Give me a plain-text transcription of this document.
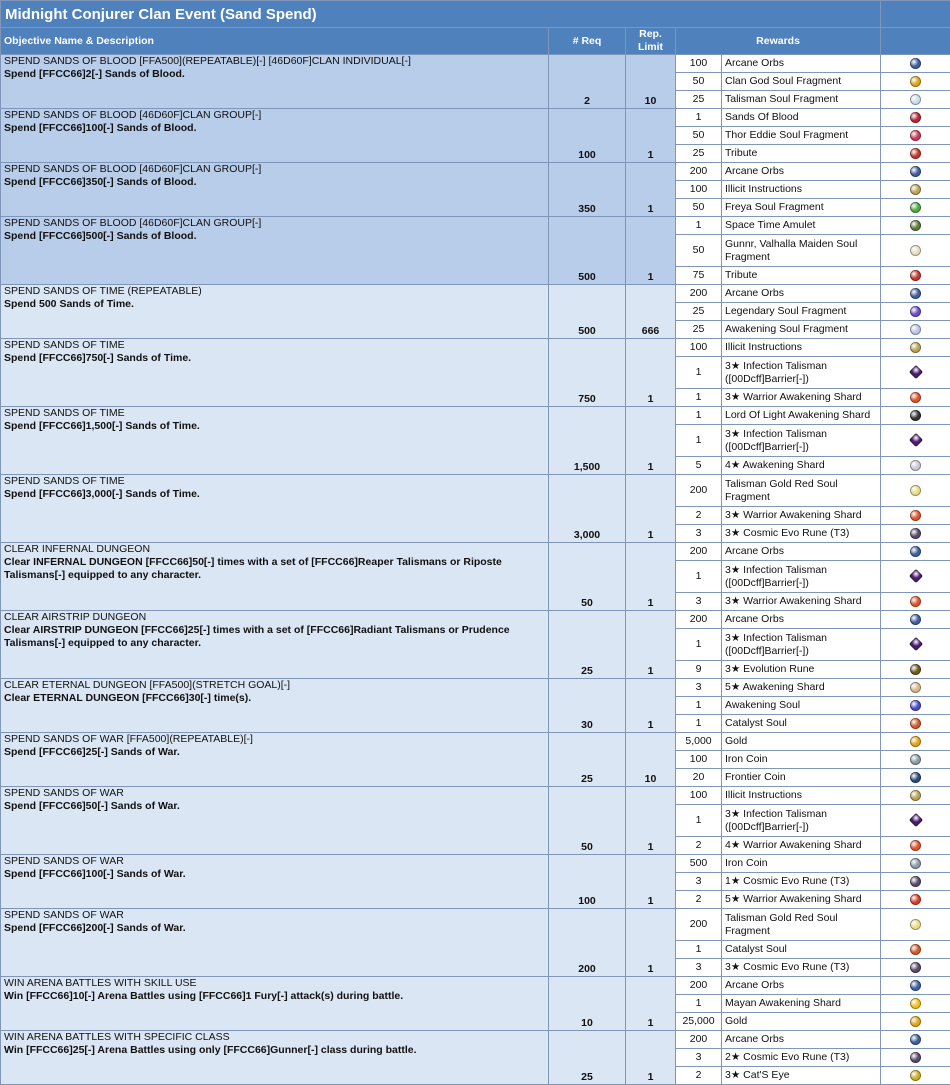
Midnight Conjurer Clan Event (Sand Spend)					
Objective Name & Description	# Req	Rep. Limit	Rewards		

SPEND SANDS OF BLOOD [FFA500](REPEATABLE)[-] [46D60F]CLAN INDIVIDUAL[-]
Spend [FFCC66]2[-] Sands of Blood.	2	10	100	Arcane Orbs	
			50	Clan God Soul Fragment	
			25	Talisman Soul Fragment	

SPEND SANDS OF BLOOD [46D60F]CLAN GROUP[-]
Spend [FFCC66]100[-] Sands of Blood.	100	1	1	Sands Of Blood	
			50	Thor Eddie Soul Fragment	
			25	Tribute	

SPEND SANDS OF BLOOD [46D60F]CLAN GROUP[-]
Spend [FFCC66]350[-] Sands of Blood.	350	1	200	Arcane Orbs	
			100	Illicit Instructions	
			50	Freya Soul Fragment	

SPEND SANDS OF BLOOD [46D60F]CLAN GROUP[-]
Spend [FFCC66]500[-] Sands of Blood.	500	1	1	Space Time Amulet	
			50	Gunnr, Valhalla Maiden Soul Fragment	
			75	Tribute	

SPEND SANDS OF TIME (REPEATABLE)
Spend 500 Sands of Time.	500	666	200	Arcane Orbs	
			25	Legendary Soul Fragment	
			25	Awakening Soul Fragment	

SPEND SANDS OF TIME
Spend [FFCC66]750[-] Sands of Time.	750	1	100	Illicit Instructions	
			1	3★ Infection Talisman ([00Dcff]Barrier[-])	
			1	3★ Warrior Awakening Shard	

SPEND SANDS OF TIME
Spend [FFCC66]1,500[-] Sands of Time.	1,500	1	1	Lord Of Light Awakening Shard	
			1	3★ Infection Talisman ([00Dcff]Barrier[-])	
			5	4★ Awakening Shard	

SPEND SANDS OF TIME
Spend [FFCC66]3,000[-] Sands of Time.	3,000	1	200	Talisman Gold Red Soul Fragment	
			2	3★ Warrior Awakening Shard	
			3	3★ Cosmic Evo Rune (T3)	

CLEAR INFERNAL DUNGEON
Clear INFERNAL DUNGEON [FFCC66]50[-] times with a set of [FFCC66]Reaper Talismans or Riposte Talismans[-] equipped to any character.	50	1	200	Arcane Orbs	
			1	3★ Infection Talisman ([00Dcff]Barrier[-])	
			3	3★ Warrior Awakening Shard	

CLEAR AIRSTRIP DUNGEON
Clear AIRSTRIP DUNGEON [FFCC66]25[-] times with a set of [FFCC66]Radiant Talismans or Prudence Talismans[-] equipped to any character.	25	1	200	Arcane Orbs	
			1	3★ Infection Talisman ([00Dcff]Barrier[-])	
			9	3★ Evolution Rune	

CLEAR ETERNAL DUNGEON [FFA500](STRETCH GOAL)[-]
Clear ETERNAL DUNGEON [FFCC66]30[-] time(s).	30	1	3	5★ Awakening Shard	
			1	Awakening Soul	
			1	Catalyst Soul	

SPEND SANDS OF WAR [FFA500](REPEATABLE)[-]
Spend [FFCC66]25[-] Sands of War.	25	10	5,000	Gold	
			100	Iron Coin	
			20	Frontier Coin	

SPEND SANDS OF WAR
Spend [FFCC66]50[-] Sands of War.	50	1	100	Illicit Instructions	
			1	3★ Infection Talisman ([00Dcff]Barrier[-])	
			2	4★ Warrior Awakening Shard	

SPEND SANDS OF WAR
Spend [FFCC66]100[-] Sands of War.	100	1	500	Iron Coin	
			3	1★ Cosmic Evo Rune (T3)	
			2	5★ Warrior Awakening Shard	

SPEND SANDS OF WAR
Spend [FFCC66]200[-] Sands of War.	200	1	200	Talisman Gold Red Soul Fragment	
			1	Catalyst Soul	
			3	3★ Cosmic Evo Rune (T3)	

WIN ARENA BATTLES WITH SKILL USE
Win [FFCC66]10[-] Arena Battles using [FFCC66]1 Fury[-] attack(s) during battle.	10	1	200	Arcane Orbs	
			1	Mayan Awakening Shard	
			25,000	Gold	

WIN ARENA BATTLES WITH SPECIFIC CLASS
Win [FFCC66]25[-] Arena Battles using only [FFCC66]Gunner[-] class during battle.	25	1	200	Arcane Orbs	
			3	2★ Cosmic Evo Rune (T3)	
			2	3★ Cat'S Eye	
